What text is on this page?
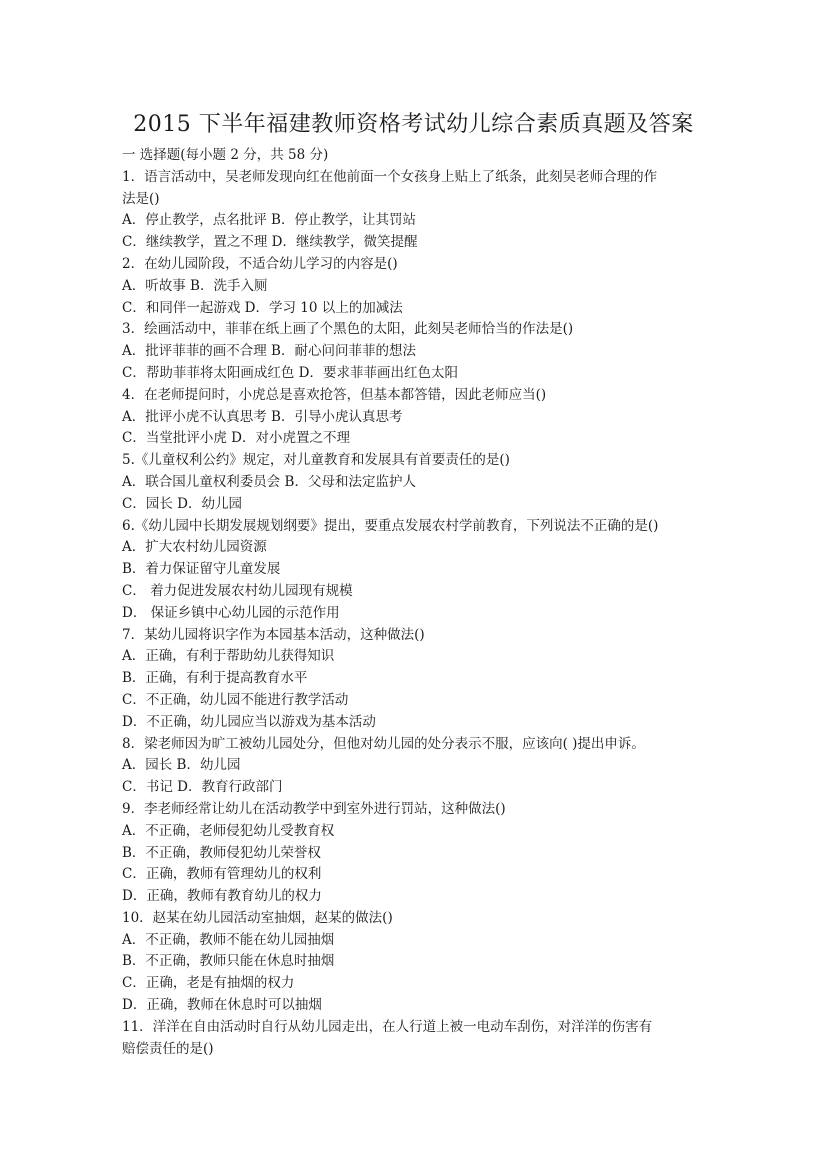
2015 下半年福建教师资格考试幼儿综合素质真题及答案

一 选择题(每小题 2 分，共 58 分)

1．语言活动中，吴老师发现向红在他前面一个女孩身上贴上了纸条，此刻吴老师合理的作

法是()

A．停止教学，点名批评 B．停止教学，让其罚站

C．继续教学，置之不理 D．继续教学，微笑提醒

2．在幼儿园阶段，不适合幼儿学习的内容是()

A．听故事 B．洗手入厕

C．和同伴一起游戏 D．学习 10 以上的加减法

3．绘画活动中，菲菲在纸上画了个黑色的太阳，此刻吴老师恰当的作法是()

A．批评菲菲的画不合理 B．耐心问问菲菲的想法

C．帮助菲菲将太阳画成红色 D．要求菲菲画出红色太阳

4．在老师提问时，小虎总是喜欢抢答，但基本都答错，因此老师应当()

A．批评小虎不认真思考 B．引导小虎认真思考

C．当堂批评小虎 D．对小虎置之不理

5.《儿童权利公约》规定，对儿童教育和发展具有首要责任的是()

A．联合国儿童权利委员会 B．父母和法定监护人

C．园长 D．幼儿园

6.《幼儿园中长期发展规划纲要》提出，要重点发展农村学前教育，下列说法不正确的是()

A．扩大农村幼儿园资源

B．着力保证留守儿童发展

C． 着力促进发展农村幼儿园现有规模

D． 保证乡镇中心幼儿园的示范作用

7．某幼儿园将识字作为本园基本活动，这种做法()

A．正确，有利于帮助幼儿获得知识

B．正确，有利于提高教育水平

C．不正确，幼儿园不能进行教学活动

D．不正确，幼儿园应当以游戏为基本活动

8．梁老师因为旷工被幼儿园处分，但他对幼儿园的处分表示不服，应该向( )提出申诉。

A．园长 B．幼儿园

C．书记 D．教育行政部门

9．李老师经常让幼儿在活动教学中到室外进行罚站，这种做法()

A．不正确，老师侵犯幼儿受教育权

B．不正确，教师侵犯幼儿荣誉权

C．正确，教师有管理幼儿的权利

D．正确，教师有教育幼儿的权力

10．赵某在幼儿园活动室抽烟，赵某的做法()

A．不正确，教师不能在幼儿园抽烟

B．不正确，教师只能在休息时抽烟

C．正确，老是有抽烟的权力

D．正确，教师在休息时可以抽烟

11．洋洋在自由活动时自行从幼儿园走出，在人行道上被一电动车刮伤，对洋洋的伤害有

赔偿责任的是()
